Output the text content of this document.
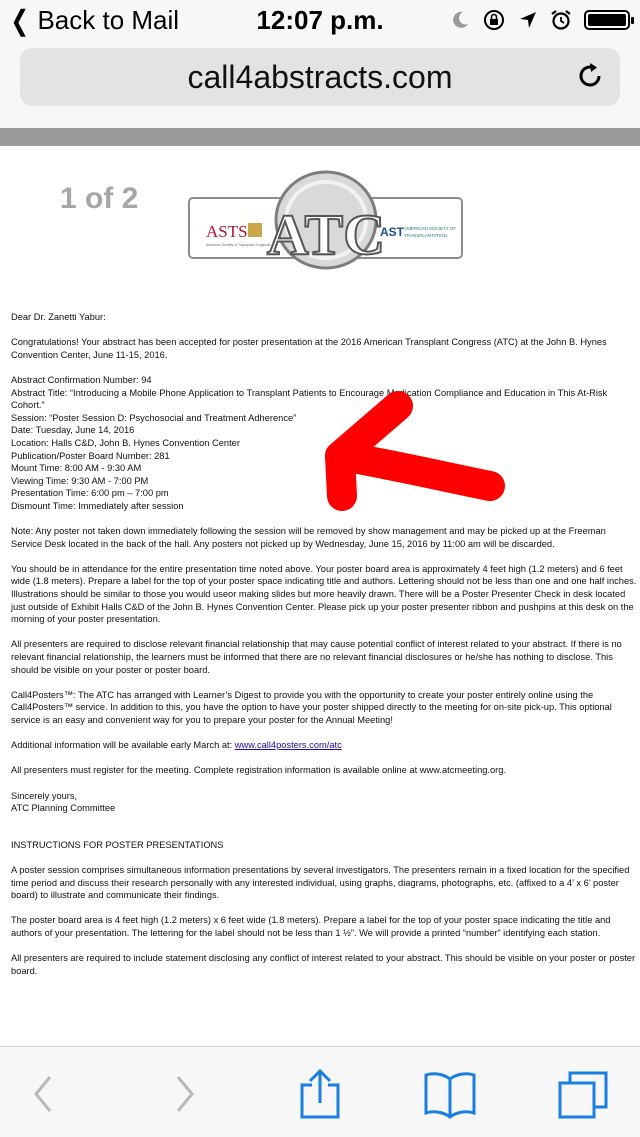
❮ Back to Mail	12:07 p.m.
call4abstracts.com
1 of 2
ASTS
American Society of Transplant Surgeons
ATC
AST AMERICAN SOCIETY OF
TRANSPLANTATION

Dear Dr. Zanetti Yabur:

Congratulations! Your abstract has been accepted for poster presentation at the 2016 American Transplant Congress (ATC) at the John B. Hynes Convention Center, June 11-15, 2016.

Abstract Confirmation Number: 94
Abstract Title: “Introducing a Mobile Phone Application to Transplant Patients to Encourage Medication Compliance and Education in This At-Risk Cohort.”
Session: “Poster Session D: Psychosocial and Treatment Adherence”
Date: Tuesday, June 14, 2016
Location: Halls C&D, John B. Hynes Convention Center
Publication/Poster Board Number: 281
Mount Time: 8:00 AM - 9:30 AM
Viewing Time: 9:30 AM - 7:00 PM
Presentation Time: 6:00 pm – 7:00 pm
Dismount Time: Immediately after session

Note: Any poster not taken down immediately following the session will be removed by show management and may be picked up at the Freeman Service Desk located in the back of the hall. Any posters not picked up by Wednesday, June 15, 2016 by 11:00 am will be discarded.

You should be in attendance for the entire presentation time noted above. Your poster board area is approximately 4 feet high (1.2 meters) and 6 feet wide (1.8 meters). Prepare a label for the top of your poster space indicating title and authors. Lettering should not be less than one and one half inches. Illustrations should be similar to those you would useor making slides but more heavily drawn. There will be a Poster Presenter Check in desk located just outside of Exhibit Halls C&D of the John B. Hynes Convention Center. Please pick up your poster presenter ribbon and pushpins at this desk on the morning of your poster presentation.

All presenters are required to disclose relevant financial relationship that may cause potential conflict of interest related to your abstract. If there is no relevant financial relationship, the learners must be informed that there are no relevant financial disclosures or he/she has nothing to disclose. This should be visible on your poster or poster board.

Call4Posters™: The ATC has arranged with Learner’s Digest to provide you with the opportunity to create your poster entirely online using the Call4Posters™ service. In addition to this, you have the option to have your poster shipped directly to the meeting for on-site pick-up. This optional service is an easy and convenient way for you to prepare your poster for the Annual Meeting!

Additional information will be available early March at: www.call4posters.com/atc

All presenters must register for the meeting. Complete registration information is available online at www.atcmeeting.org.

Sincerely yours,
ATC Planning Committee

INSTRUCTIONS FOR POSTER PRESENTATIONS

A poster session comprises simultaneous information presentations by several investigators. The presenters remain in a fixed location for the specified time period and discuss their research personally with any interested individual, using graphs, diagrams, photographs, etc. (affixed to a 4’ x 6’ poster board) to illustrate and communicate their findings.

The poster board area is 4 feet high (1.2 meters) x 6 feet wide (1.8 meters). Prepare a label for the top of your poster space indicating the title and authors of your presentation. The lettering for the label should not be less than 1 ½”. We will provide a printed “number” identifying each station.

All presenters are required to include statement disclosing any conflict of interest related to your abstract. This should be visible on your poster or poster board.
